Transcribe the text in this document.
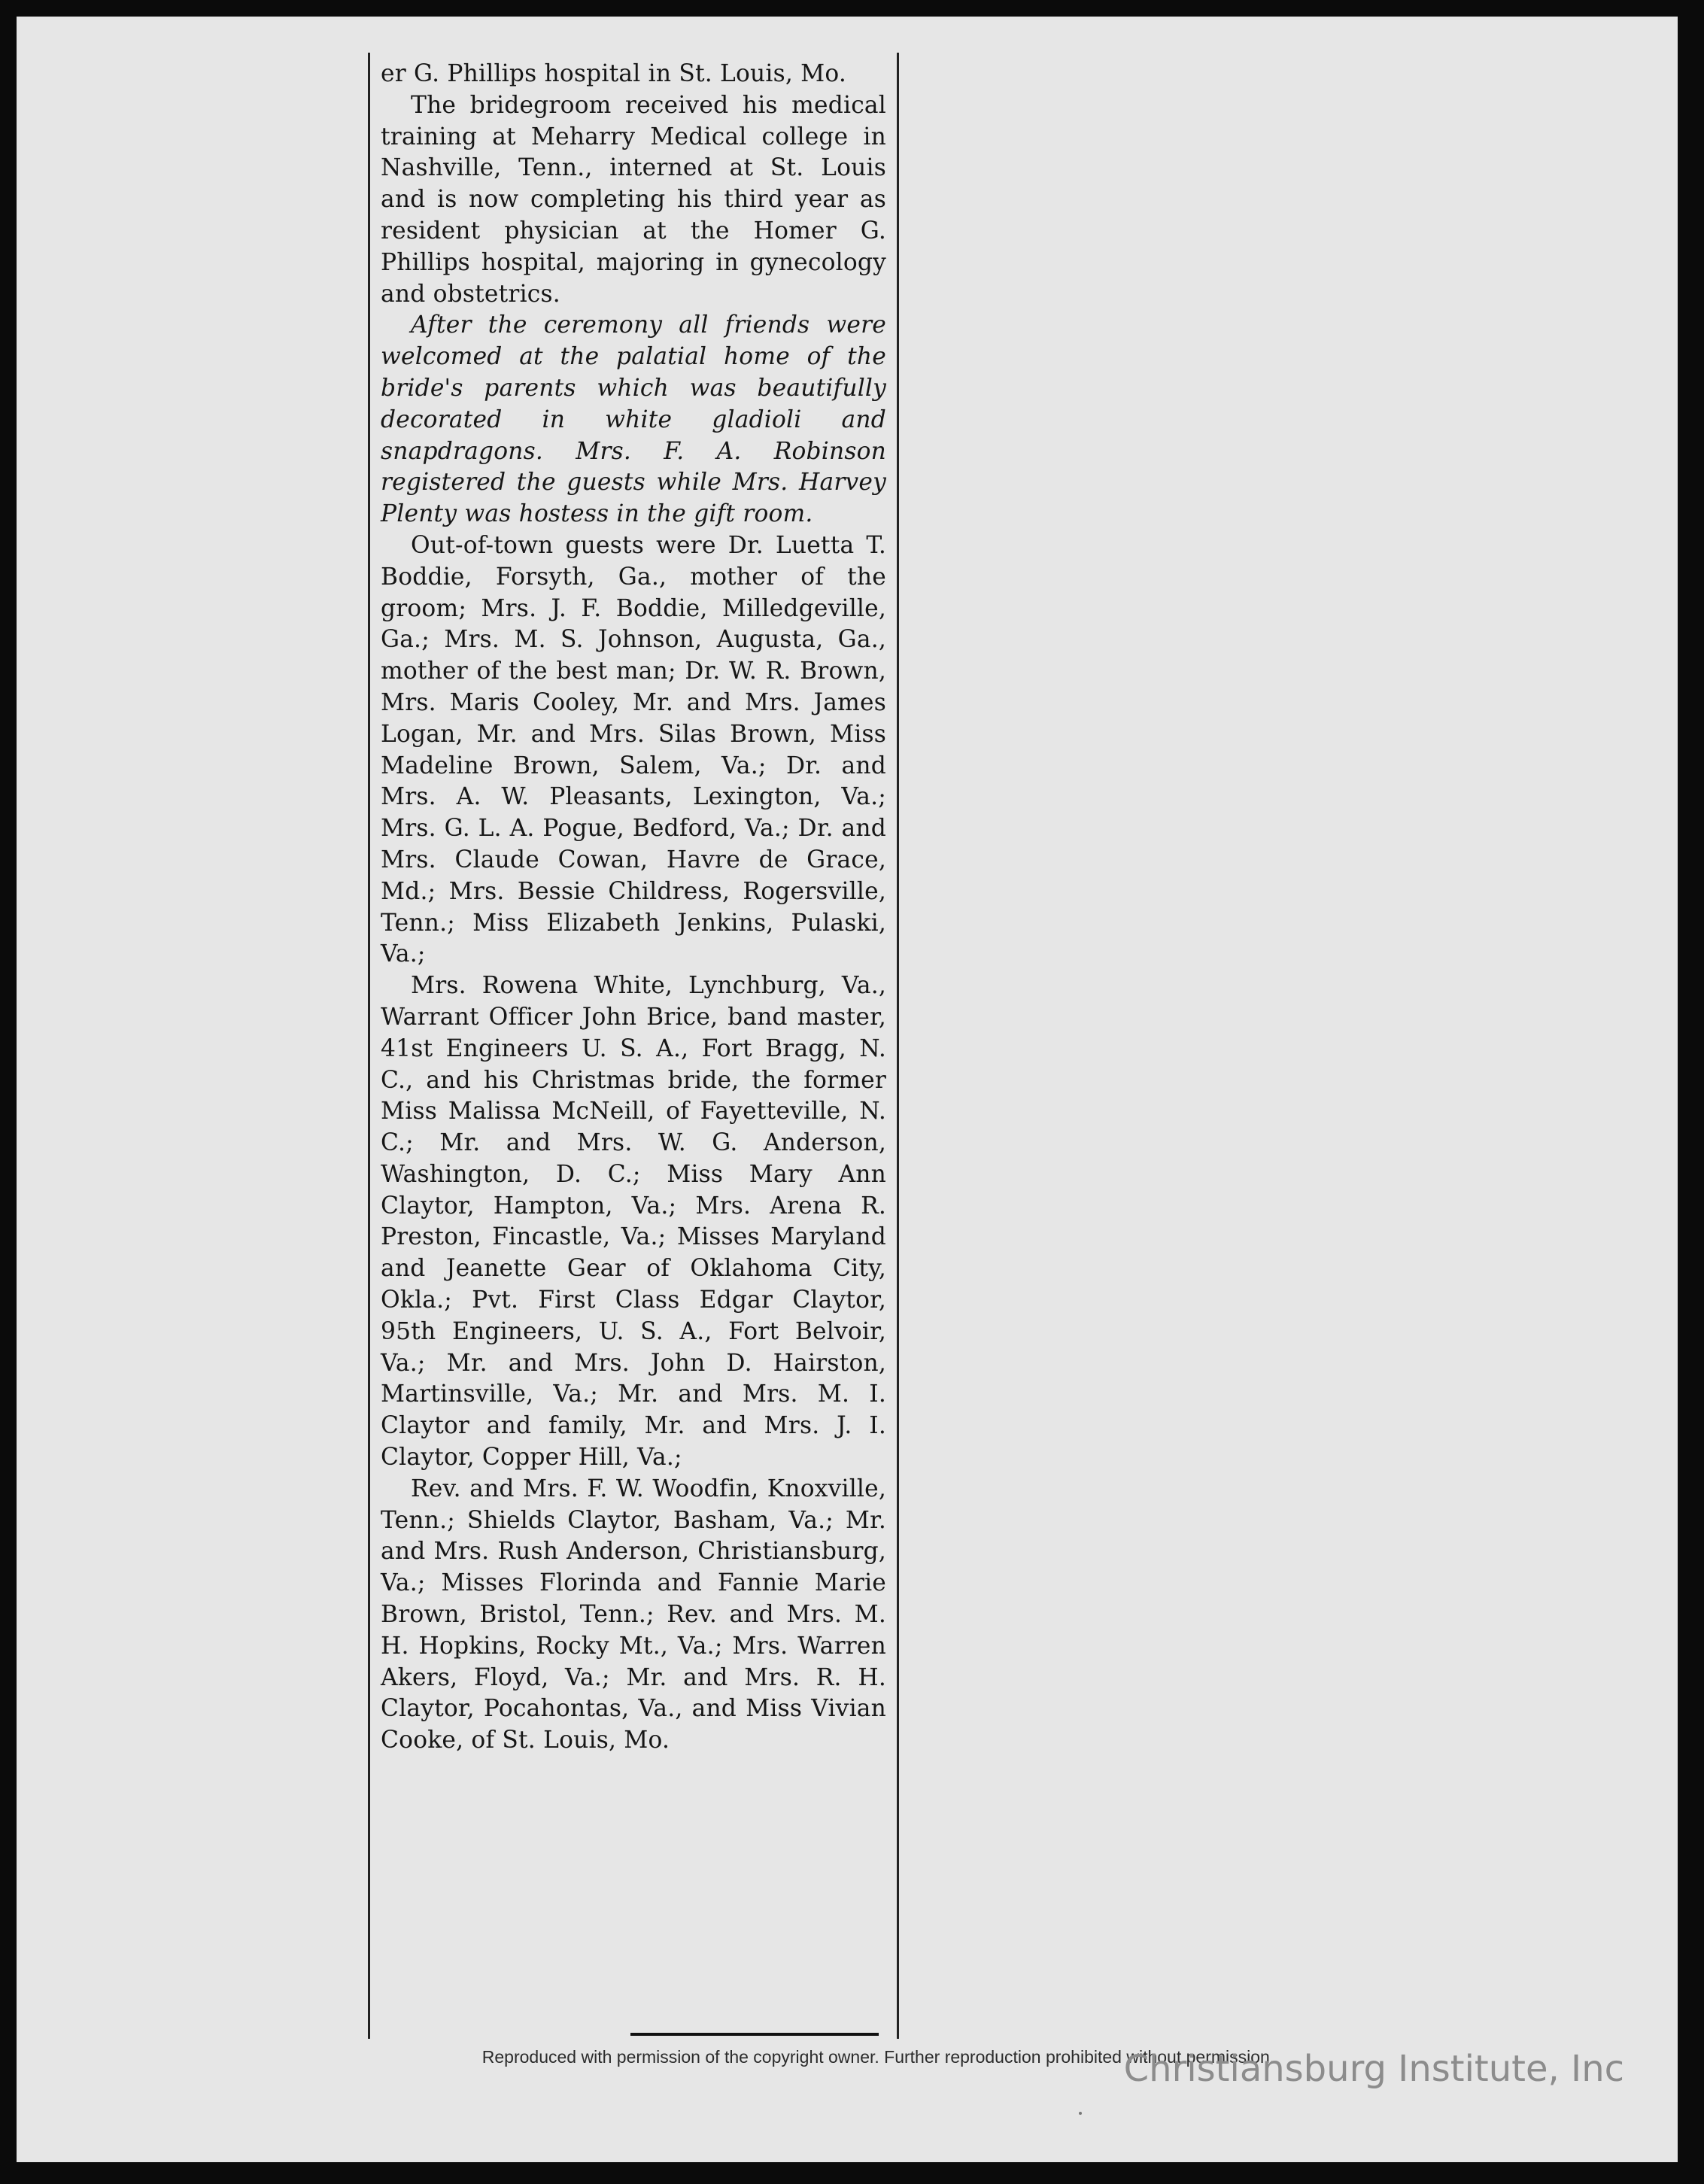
er G. Phillips hospital in St. Louis, Mo.

The bridegroom received his medical training at Meharry Medical college in Nashville, Tenn., interned at St. Louis and is now completing his third year as resident physician at the Homer G. Phillips hospital, majoring in gynecology and obstetrics.

After the ceremony all friends were welcomed at the palatial home of the bride's parents which was beautifully decorated in white gladioli and snapdragons. Mrs. F. A. Robinson registered the guests while Mrs. Harvey Plenty was hostess in the gift room.

Out-of-town guests were Dr. Luetta T. Boddie, Forsyth, Ga., mother of the groom; Mrs. J. F. Boddie, Milledgeville, Ga.; Mrs. M. S. Johnson, Augusta, Ga., mother of the best man; Dr. W. R. Brown, Mrs. Maris Cooley, Mr. and Mrs. James Logan, Mr. and Mrs. Silas Brown, Miss Madeline Brown, Salem, Va.; Dr. and Mrs. A. W. Pleasants, Lexington, Va.; Mrs. G. L. A. Pogue, Bedford, Va.; Dr. and Mrs. Claude Cowan, Havre de Grace, Md.; Mrs. Bessie Childress, Rogersville, Tenn.; Miss Elizabeth Jenkins, Pulaski, Va.;

Mrs. Rowena White, Lynchburg, Va., Warrant Officer John Brice, band master, 41st Engineers U. S. A., Fort Bragg, N. C., and his Christmas bride, the former Miss Malissa McNeill, of Fayetteville, N. C.; Mr. and Mrs. W. G. Anderson, Washington, D. C.; Miss Mary Ann Claytor, Hampton, Va.; Mrs. Arena R. Preston, Fincastle, Va.; Misses Maryland and Jeanette Gear of Oklahoma City, Okla.; Pvt. First Class Edgar Claytor, 95th Engineers, U. S. A., Fort Belvoir, Va.; Mr. and Mrs. John D. Hairston, Martinsville, Va.; Mr. and Mrs. M. I. Claytor and family, Mr. and Mrs. J. I. Claytor, Copper Hill, Va.;

Rev. and Mrs. F. W. Woodfin, Knoxville, Tenn.; Shields Claytor, Basham, Va.; Mr. and Mrs. Rush Anderson, Christiansburg, Va.; Misses Florinda and Fannie Marie Brown, Bristol, Tenn.; Rev. and Mrs. M. H. Hopkins, Rocky Mt., Va.; Mrs. Warren Akers, Floyd, Va.; Mr. and Mrs. R. H. Claytor, Pocahontas, Va., and Miss Vivian Cooke, of St. Louis, Mo.

Reproduced with permission of the copyright owner. Further reproduction prohibited without permission.
Christiansburg Institute, Inc
